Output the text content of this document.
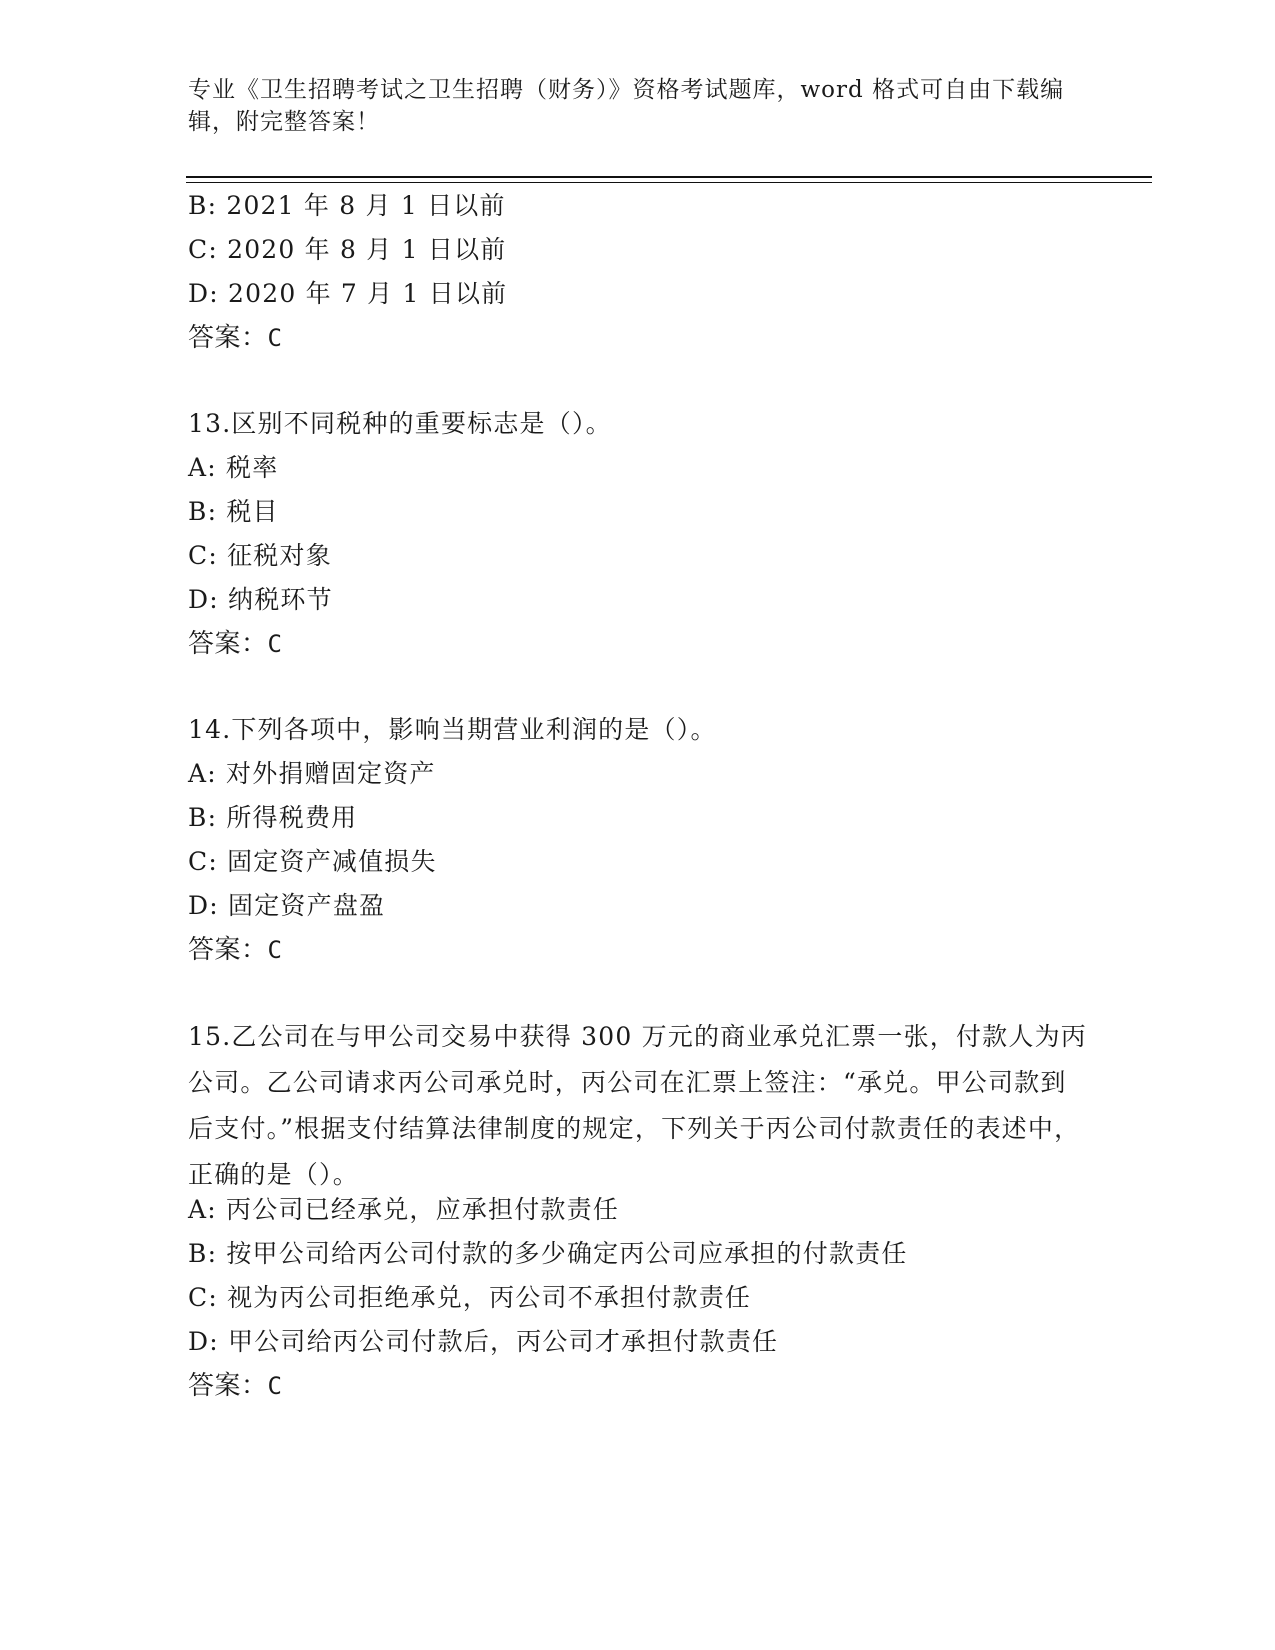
专业《卫生招聘考试之卫生招聘（财务）》资格考试题库，word 格式可自由下载编辑，附完整答案！
B: 2021 年 8 月 1 日以前
C: 2020 年 8 月 1 日以前
D: 2020 年 7 月 1 日以前
答案：C
13.区别不同税种的重要标志是（）。
A: 税率
B: 税目
C: 征税对象
D: 纳税环节
答案：C
14.下列各项中，影响当期营业利润的是（）。
A: 对外捐赠固定资产
B: 所得税费用
C: 固定资产减值损失
D: 固定资产盘盈
答案：C
15.乙公司在与甲公司交易中获得 300 万元的商业承兑汇票一张，付款人为丙公司。乙公司请求丙公司承兑时，丙公司在汇票上签注：“承兑。甲公司款到后支付。”根据支付结算法律制度的规定，下列关于丙公司付款责任的表述中，正确的是（）。
A: 丙公司已经承兑，应承担付款责任
B: 按甲公司给丙公司付款的多少确定丙公司应承担的付款责任
C: 视为丙公司拒绝承兑，丙公司不承担付款责任
D: 甲公司给丙公司付款后，丙公司才承担付款责任
答案：C
